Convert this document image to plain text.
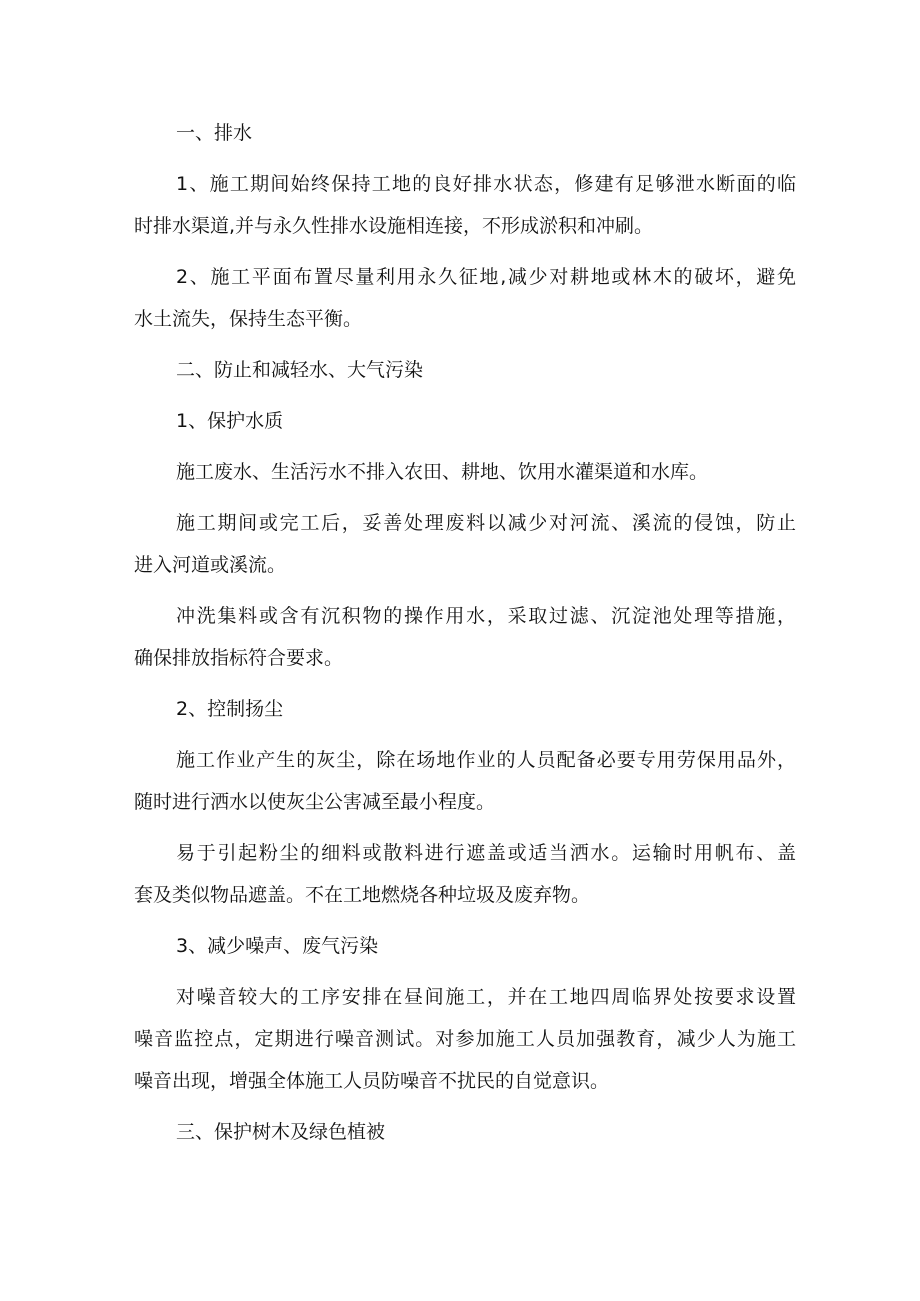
一、排水
1、施工期间始终保持工地的良好排水状态，修建有足够泄水断面的临
时排水渠道,并与永久性排水设施相连接，不形成淤积和冲刷。
2、施工平面布置尽量利用永久征地,减少对耕地或林木的破坏，避免
水土流失，保持生态平衡。
二、防止和减轻水、大气污染
1、保护水质
施工废水、生活污水不排入农田、耕地、饮用水灌渠道和水库。
施工期间或完工后，妥善处理废料以减少对河流、溪流的侵蚀，防止
进入河道或溪流。
冲洗集料或含有沉积物的操作用水，采取过滤、沉淀池处理等措施，
确保排放指标符合要求。
2、控制扬尘
施工作业产生的灰尘，除在场地作业的人员配备必要专用劳保用品外，
随时进行洒水以使灰尘公害减至最小程度。
易于引起粉尘的细料或散料进行遮盖或适当洒水。运输时用帆布、盖
套及类似物品遮盖。不在工地燃烧各种垃圾及废弃物。
3、减少噪声、废气污染
对噪音较大的工序安排在昼间施工，并在工地四周临界处按要求设置
噪音监控点，定期进行噪音测试。对参加施工人员加强教育，减少人为施工
噪音出现，增强全体施工人员防噪音不扰民的自觉意识。
三、保护树木及绿色植被
